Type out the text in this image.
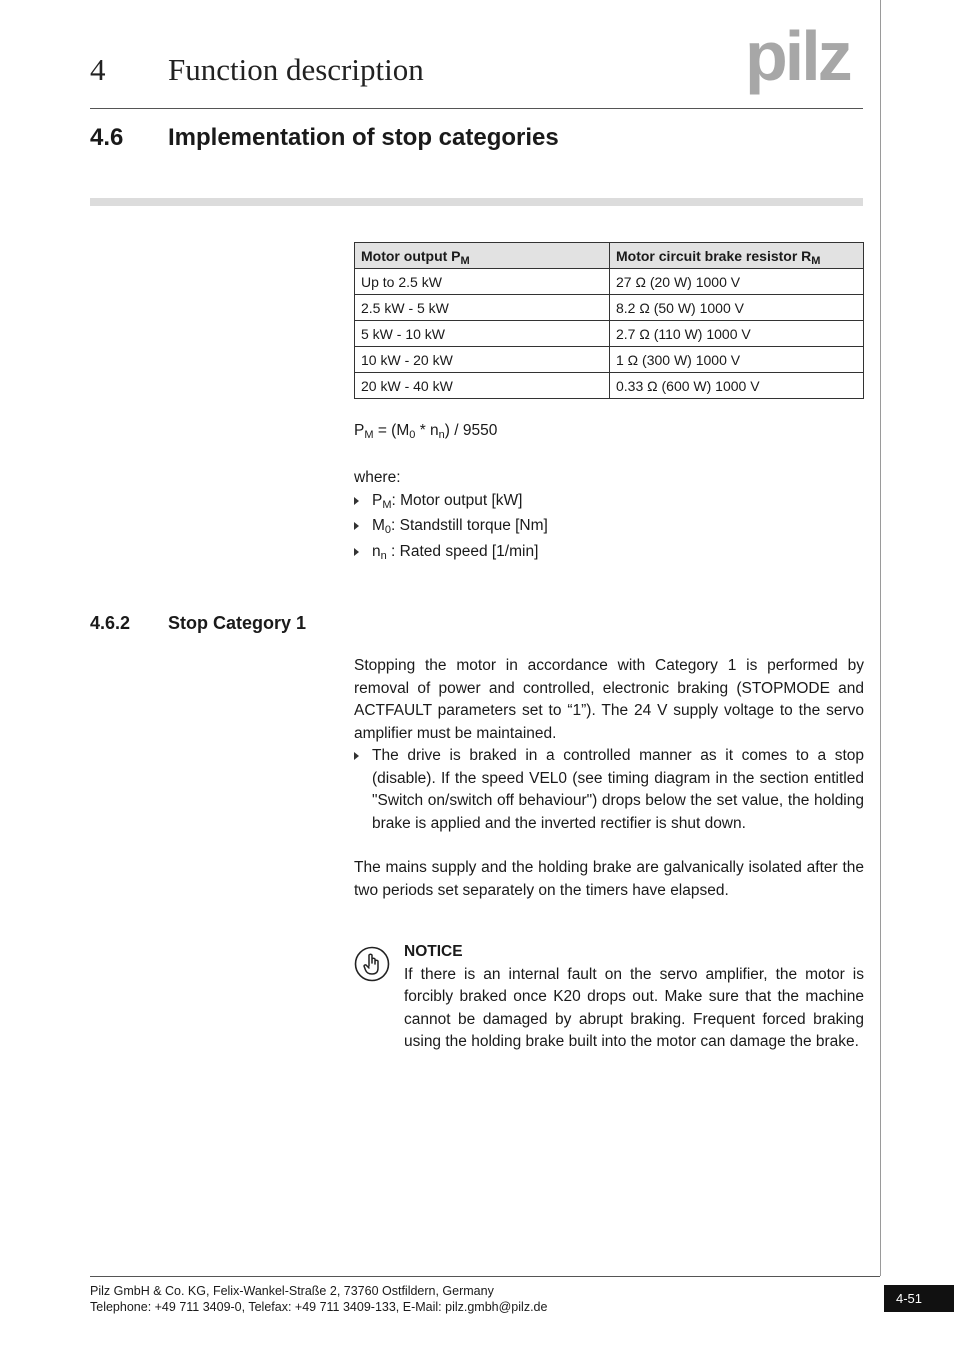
4 Function description	pilz
4.6 Implementation of stop categories
Motor output $P_M$	Motor circuit brake resistor $R_M$
Up to 2.5 kW	27 Ω (20 W) 1000 V
2.5 kW - 5 kW	8.2 Ω (50 W) 1000 V
5 kW - 10 kW	2.7 Ω (110 W) 1000 V
10 kW - 20 kW	1 Ω (300 W) 1000 V
20 kW - 40 kW	0.33 Ω (600 W) 1000 V
$P_M = (M_0 * n_n) / 9550$
where:
$P_M$: Motor output [kW]
$M_0$: Standstill torque [Nm]
$n_n$ : Rated speed [1/min]
4.6.2 Stop Category 1
Stopping the motor in accordance with Category 1 is performed by removal of power and controlled, electronic braking (STOPMODE and ACTFAULT parameters set to “1”). The 24 V supply voltage to the servo amplifier must be maintained.
The drive is braked in a controlled manner as it comes to a stop (disable). If the speed VEL0 (see timing diagram in the section entitled "Switch on/switch off behaviour") drops below the set value, the holding brake is applied and the inverted rectifier is shut down.
The mains supply and the holding brake are galvanically isolated after the two periods set separately on the timers have elapsed.
NOTICE
If there is an internal fault on the servo amplifier, the motor is forcibly braked once K20 drops out. Make sure that the machine cannot be damaged by abrupt braking. Frequent forced braking using the holding brake built into the motor can damage the brake.
Pilz GmbH & Co. KG, Felix-Wankel-Straße 2, 73760 Ostfildern, Germany
Telephone: +49 711 3409-0, Telefax: +49 711 3409-133, E-Mail: pilz.gmbh@pilz.de
4-51
